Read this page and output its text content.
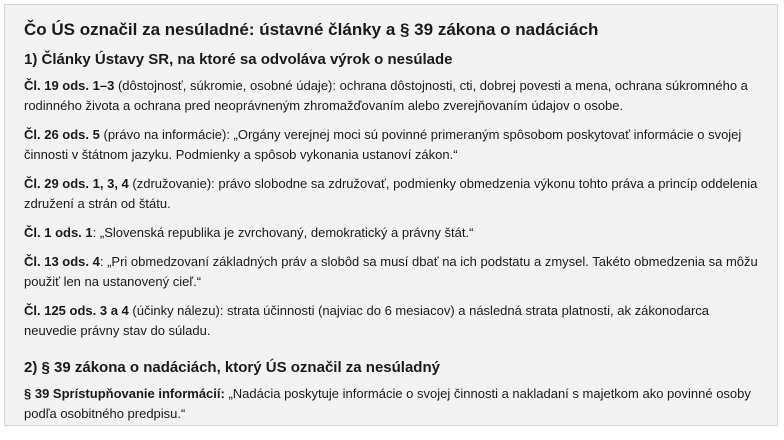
Čo ÚS označil za nesúladné: ústavné články a § 39 zákona o nadáciách
1) Články Ústavy SR, na ktoré sa odvoláva výrok o nesúlade

Čl. 19 ods. 1–3 (dôstojnosť, súkromie, osobné údaje): ochrana dôstojnosti, cti, dobrej povesti a mena, ochrana súkromného a rodinného života a ochrana pred neoprávneným zhromažďovaním alebo zverejňovaním údajov o osobe.

Čl. 26 ods. 5 (právo na informácie): „Orgány verejnej moci sú povinné primeraným spôsobom poskytovať informácie o svojej činnosti v štátnom jazyku. Podmienky a spôsob vykonania ustanoví zákon.“

Čl. 29 ods. 1, 3, 4 (združovanie): právo slobodne sa združovať, podmienky obmedzenia výkonu tohto práva a princíp oddelenia združení a strán od štátu.

Čl. 1 ods. 1: „Slovenská republika je zvrchovaný, demokratický a právny štát.“

Čl. 13 ods. 4: „Pri obmedzovaní základných práv a slobôd sa musí dbať na ich podstatu a zmysel. Takéto obmedzenia sa môžu použiť len na ustanovený cieľ.“

Čl. 125 ods. 3 a 4 (účinky nálezu): strata účinnosti (najviac do 6 mesiacov) a následná strata platnosti, ak zákonodarca neuvedie právny stav do súladu.

2) § 39 zákona o nadáciách, ktorý ÚS označil za nesúladný

§ 39 Sprístupňovanie informácií: „Nadácia poskytuje informácie o svojej činnosti a nakladaní s majetkom ako povinné osoby podľa osobitného predpisu.“
